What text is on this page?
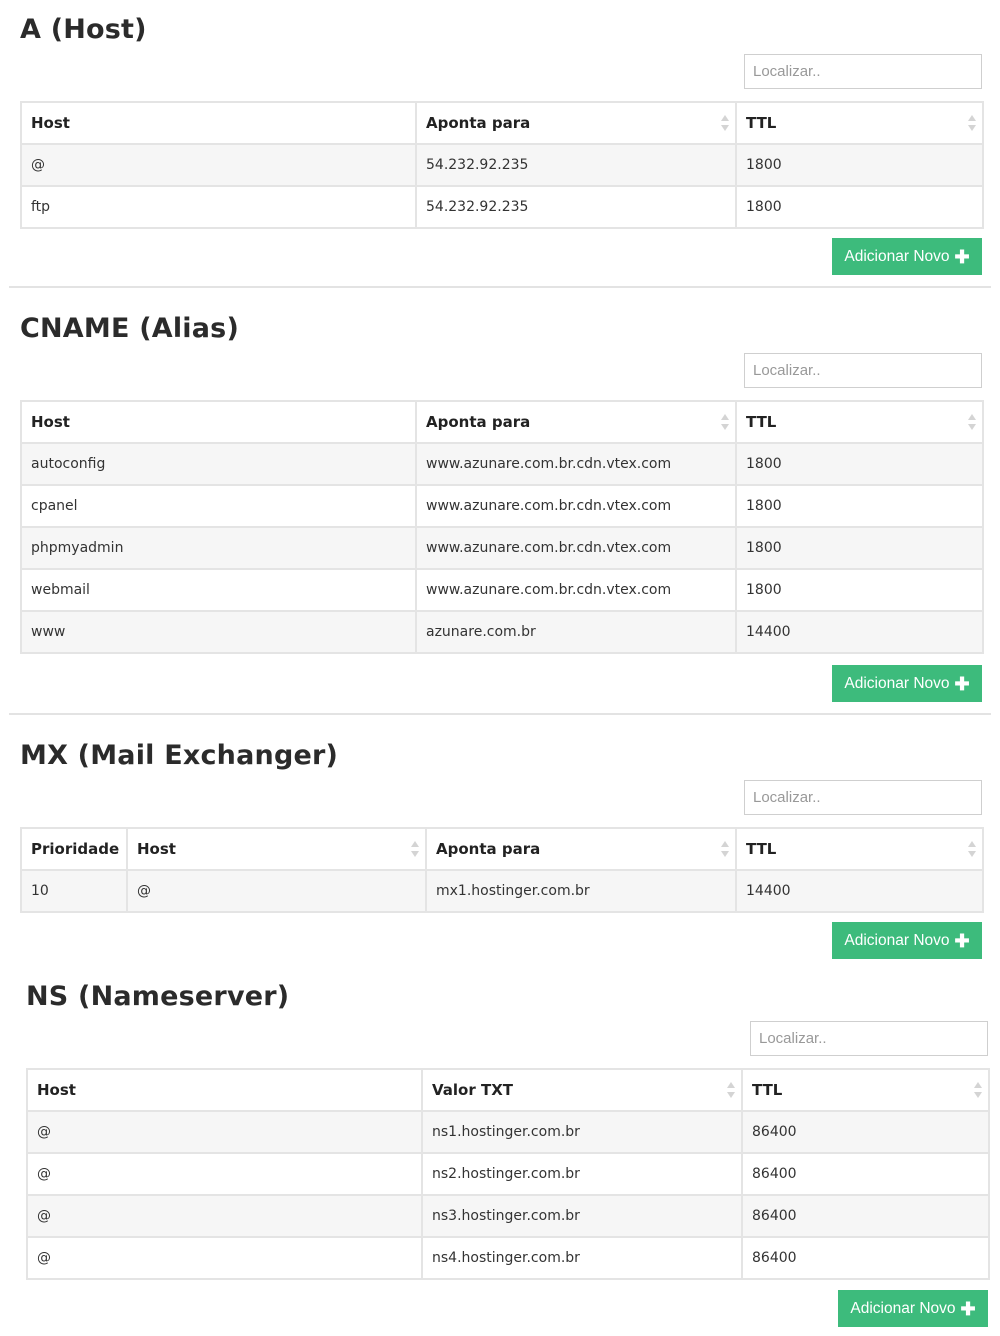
A (Host)
Localizar..
Host	Aponta para	TTL

@	54.232.92.235	1800
ftp	54.232.92.235	1800
Adicionar Novo ✚
CNAME (Alias)
Localizar..
Host	Aponta para	TTL

autoconfig	www.azunare.com.br.cdn.vtex.com	1800
cpanel	www.azunare.com.br.cdn.vtex.com	1800
phpmyadmin	www.azunare.com.br.cdn.vtex.com	1800
webmail	www.azunare.com.br.cdn.vtex.com	1800
www	azunare.com.br	14400
Adicionar Novo ✚
MX (Mail Exchanger)
Localizar..
Prioridade	Host	Aponta para	TTL

10	@	mx1.hostinger.com.br	14400
Adicionar Novo ✚
NS (Nameserver)
Localizar..
Host	Valor TXT	TTL

@	ns1.hostinger.com.br	86400
@	ns2.hostinger.com.br	86400
@	ns3.hostinger.com.br	86400
@	ns4.hostinger.com.br	86400
Adicionar Novo ✚
